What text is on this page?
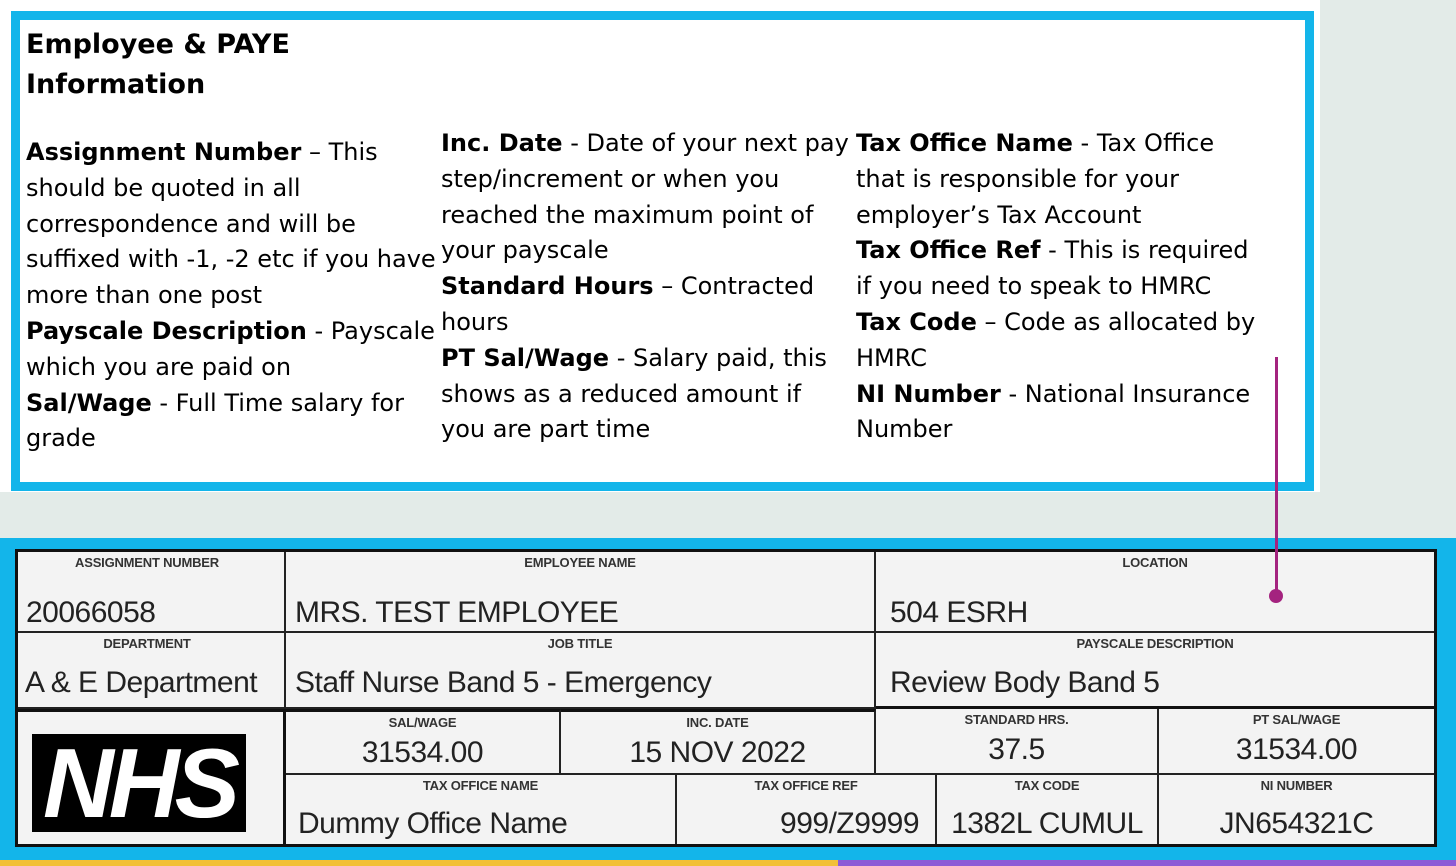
Employee & PAYE
Information
Assignment Number – This should be quoted in all correspondence and will be suffixed with -1, -2 etc if you have more than one post
Payscale Description - Payscale which you are paid on
Sal/Wage - Full Time salary for grade
Inc. Date - Date of your next pay step/increment or when you reached the maximum point of your payscale
Standard Hours – Contracted hours
PT Sal/Wage - Salary paid, this shows as a reduced amount if you are part time
Tax Office Name - Tax Office that is responsible for your employer’s Tax Account
Tax Office Ref - This is required if you need to speak to HMRC
Tax Code – Code as allocated by HMRC
NI Number - National Insurance Number
ASSIGNMENT NUMBER
20066058
EMPLOYEE NAME
MRS. TEST EMPLOYEE
LOCATION
504 ESRH
DEPARTMENT
A & E Department
JOB TITLE
Staff Nurse Band 5 - Emergency
PAYSCALE DESCRIPTION
Review Body Band 5
NHS
SAL/WAGE
31534.00
INC. DATE
15 NOV 2022
STANDARD HRS.
37.5
PT SAL/WAGE
31534.00
TAX OFFICE NAME
Dummy Office Name
TAX OFFICE REF
999/Z9999
TAX CODE
1382L CUMUL
NI NUMBER
JN654321C
